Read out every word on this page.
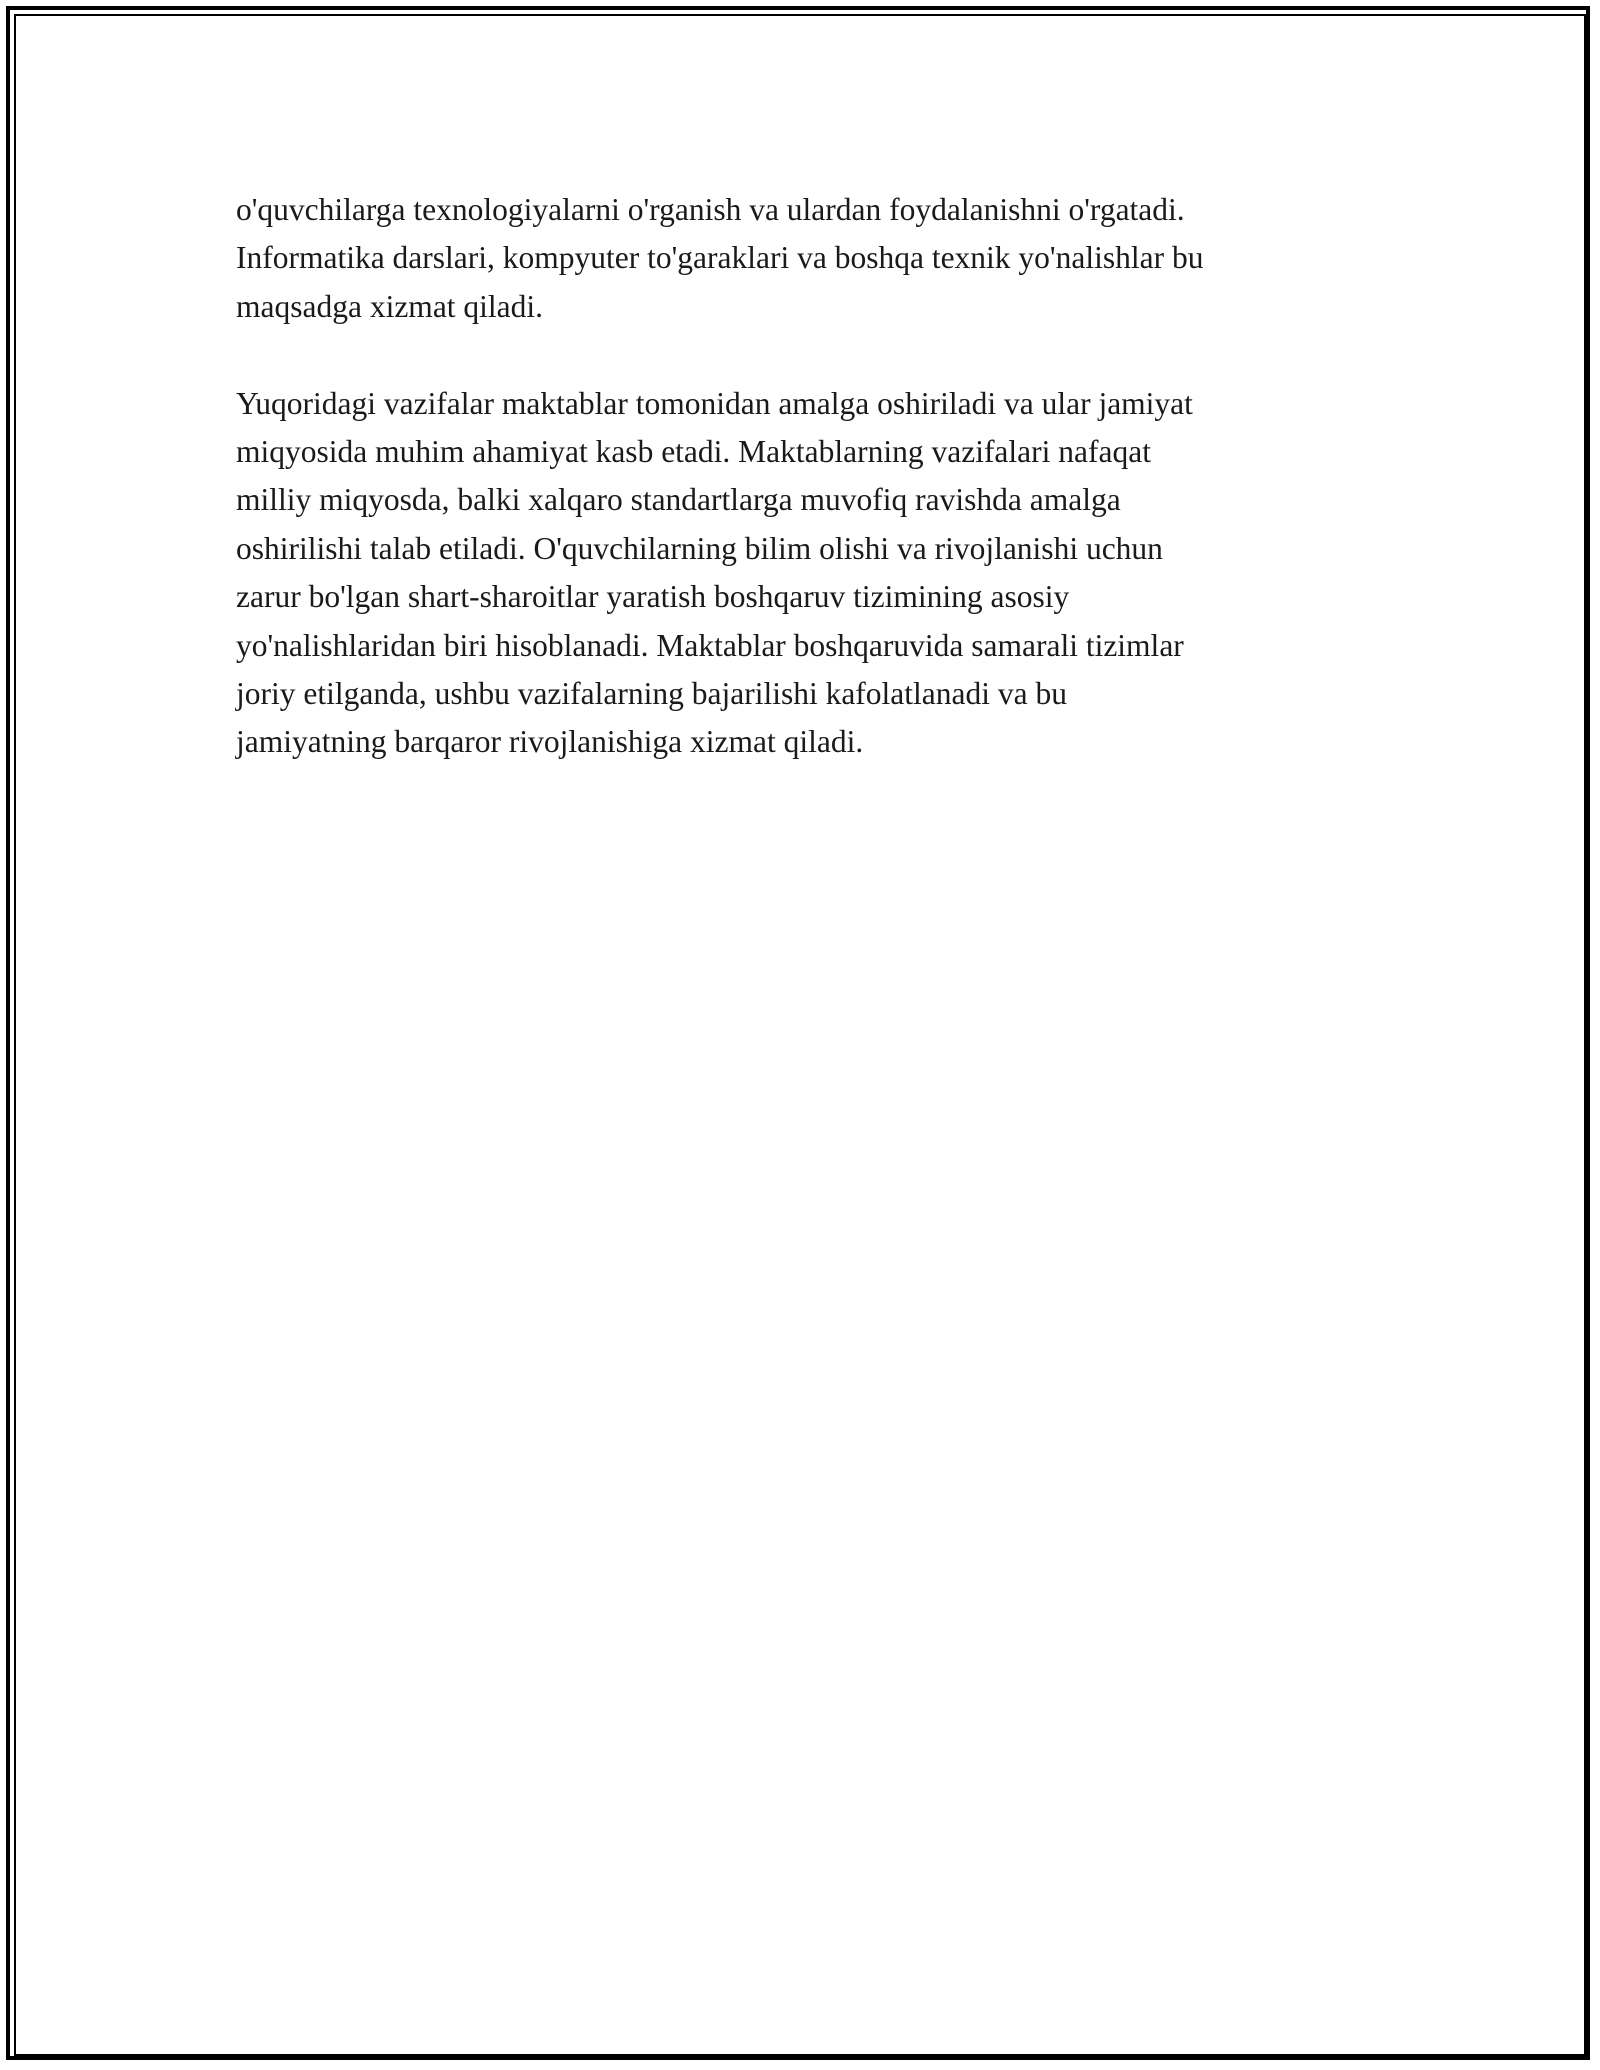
o'quvchilarga texnologiyalarni o'rganish va ulardan foydalanishni o'rgatadi.
Informatika darslari, kompyuter to'garaklari va boshqa texnik yo'nalishlar bu
maqsadga xizmat qiladi.

Yuqoridagi vazifalar maktablar tomonidan amalga oshiriladi va ular jamiyat
miqyosida muhim ahamiyat kasb etadi. Maktablarning vazifalari nafaqat
milliy miqyosda, balki xalqaro standartlarga muvofiq ravishda amalga
oshirilishi talab etiladi. O'quvchilarning bilim olishi va rivojlanishi uchun
zarur bo'lgan shart-sharoitlar yaratish boshqaruv tizimining asosiy
yo'nalishlaridan biri hisoblanadi. Maktablar boshqaruvida samarali tizimlar
joriy etilganda, ushbu vazifalarning bajarilishi kafolatlanadi va bu
jamiyatning barqaror rivojlanishiga xizmat qiladi.
